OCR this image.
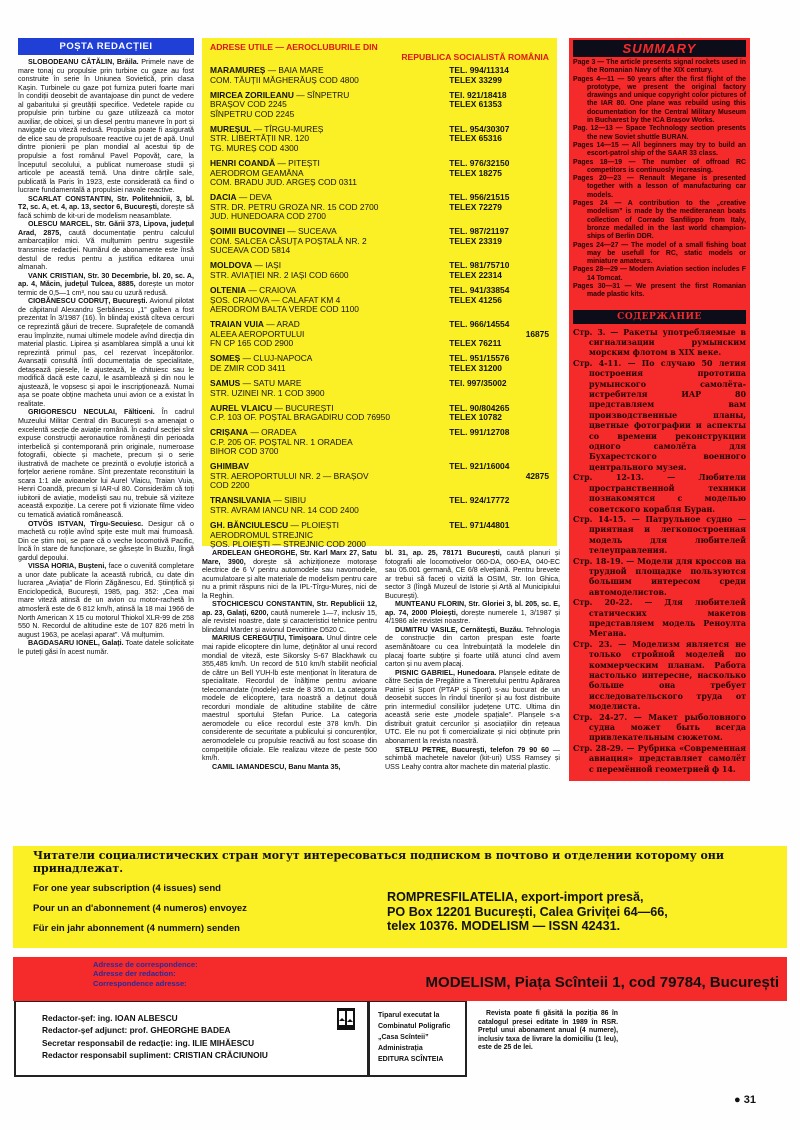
POȘTA REDACȚIEI

SLOBODEANU CĂTĂLIN, Brăila. Primele nave de mare tonaj cu propulsie prin turbine cu gaze au fost construite în serie în Uniunea Sovietică, prin clasa Kașin. Turbinele cu gaze pot furniza puteri foarte mari în condiții deosebit de avantajoase din punct de vedere al gabaritului și greutății specifice. Vedetele rapide cu propulsie prin turbine cu gaze utilizează ca motor auxiliar, de obicei, și un diesel pentru manevre în port și navigație cu viteză redusă. Propulsia poate fi asigurată de elice sau de propulsoare reactive cu jet de apă. Unul dintre pionierii pe plan mondial al acestui tip de propulsie a fost românul Pavel Popovăț, care, la începutul secolului, a publicat numeroase studii și articole pe această temă. Una dintre cărțile sale, publicată la Paris în 1923, este considerată ca fiind o lucrare fundamentală a propulsiei navale reactive.

SCARLAT CONSTANTIN, Str. Politehnicii, 3, bl. T2, sc. A, et. 4, ap. 13, sector 6, București, dorește să facă schimb de kit-uri de modelism neasamblate.

OLESCU MARCEL, Str. Gării 373, Lipova, județul Arad, 2875, caută documentație pentru calculul ambarcațiilor mici. Vă mulțumim pentru sugestiile transmise redacției. Numărul de abonamente este însă destul de redus pentru a justifica editarea unui almanah.

VANK CRISTIAN, Str. 30 Decembrie, bl. 20, sc. A, ap. 4, Măcin, județul Tulcea, 8885, dorește un motor termic de 0,5—1 cm³, nou sau cu uzură redusă.

CIOBĂNESCU CODRUȚ, București. Avionul pilotat de căpitanul Alexandru Șerbănescu „1” galben a fost prezentat în 3/1987 (16). În blindaj există cîteva cercuri ce reprezintă găuri de trecere. Suprafețele de comandă erau împînzite, numai ultimele modele avînd direcția din material plastic. Lipirea și asamblarea simplă a unui kit reprezintă primul pas, cel rezervat începătorilor. Avansații consultă întîi documentația de specialitate, detașează piesele, le ajustează, le chituiesc sau le modifică dacă este cazul, le asamblează și din nou le ajustează, le vopsesc și apoi le inscripționează. Numai așa se poate obține macheta unui avion ce a existat în realitate.

GRIGORESCU NECULAI, Fălticeni. În cadrul Muzeului Militar Central din București s-a amenajat o excelentă secție de aviație română. În cadrul secției sînt expuse construcții aeronautice românești din perioada interbelică și contemporană prin originale, numeroase fotografii, obiecte și machete, precum și o serie ilustrativă de machete ce prezintă o evoluție istorică a forțelor aeriene române. Sînt prezentate reconstituiri la scara 1:1 ale avioanelor lui Aurel Vlaicu, Traian Vuia, Henri Coandă, precum și IAR-ul 80. Considerăm că toți iubitorii de aviație, modeliști sau nu, trebuie să viziteze această expoziție. La cerere pot fi vizionate filme video cu tematică aviatică românească.

OTVÖS ISTVAN, Tîrgu-Secuiesc. Desigur că o machetă cu roțile avînd spițe este mult mai frumoasă. Din ce știm noi, se pare că o veche locomotivă Pacific, încă în stare de funcționare, se găsește în Buzău, lîngă gardul depoului.

VISSA HORIA, Bușteni, face o cuvenită completare a unor date publicate la această rubrică, cu date din lucrarea „Aviația” de Florin Zăgănescu, Ed. Științifică și Enciclopedică, București, 1985, pag. 352: „Cea mai mare viteză atinsă de un avion cu motor-rachetă în atmosferă este de 6 812 km/h, atinsă la 18 mai 1966 de North American X 15 cu motorul Thiokol XLR-99 de 258 550 N. Recordul de altitudine este de 107 826 metri în august 1963, pe același aparat”. Vă mulțumim.

BAGDASARU IONEL, Galați. Toate datele solicitate le puteți găsi în acest număr.

ADRESE UTILE — AEROCLUBURILE DIN
REPUBLICA SOCIALISTĂ ROMÂNIA
MARAMUREȘ — BAIA MARE
COM. TĂUȚII MĂGHERĂUȘ COD 4800
TEL. 994/11314
TELEX 33299
MIRCEA ZORILEANU — SÎNPETRU
BRAȘOV COD 2245
SÎNPETRU COD 2245
TEl. 921/18418
TELEX 61353
MUREȘUL — TÎRGU-MUREȘ
STR. LIBERTĂȚII NR. 120
TG. MUREȘ COD 4300
TEL. 954/30307
TELEX 65316
HENRI COANDĂ — PITEȘTI
AERODROM GEAMĂNA
COM. BRADU JUD. ARGEȘ COD 0311
TEL. 976/32150
TELEX 18275
DACIA — DEVA
STR. DR. PETRU GROZA NR. 15 COD 2700
JUD. HUNEDOARA COD 2700
TEL. 956/21515
TELEX 72279
ȘOIMII BUCOVINEI — SUCEAVA
COM. SALCEA CĂSUȚA POȘTALĂ NR. 2
SUCEAVA COD 5814
TEL. 987/21197
TELEX 23319
MOLDOVA — IAȘI
STR. AVIAȚIEI NR. 2 IAȘI COD 6600
TEL. 981/75710
TELEX 22314
OLTENIA — CRAIOVA
ȘOS. CRAIOVA — CALAFAT KM 4
AERODROM BALTA VERDE COD 1100
TEL. 941/33854
TELEX 41256
TRAIAN VUIA — ARAD
ALEEA AEROPORTULUI
FN CP 165 COD 2900
TEL. 966/14554
16875
TELEX 76211
SOMEȘ — CLUJ-NAPOCA
DE ZMIR COD 3411
TEL. 951/15576
TELEX 31200
SAMUS — SATU MARE
STR. UZINEI NR. 1 COD 3900
TEl. 997/35002
AUREL VLAICU — BUCUREȘTI
C.P. 103 OF. POȘTAL BRAGADIRU COD 76950
TEL. 90/804265
TELEX 10782
CRIȘANA — ORADEA
C.P. 205 OF. POȘTAL NR. 1 ORADEA
BIHOR COD 3700
TEL. 991/12708
GHIMBAV
STR. AEROPORTULUI NR. 2 — BRAȘOV
COD 2200
TEL. 921/16004
42875
TRANSILVANIA — SIBIU
STR. AVRAM IANCU NR. 14 COD 2400
TEL. 924/17772
GH. BĂNCIULESCU — PLOIEȘTI
AERODROMUL STREJNIC
ȘOS. PLOIEȘTI — STREJNIC COD 2000
TEL. 971/44801

ARDELEAN GHEORGHE, Str. Karl Marx 27, Satu Mare, 3900, dorește să achiziționeze motorașe electrice de 6 V pentru automodele sau navomodele, acumulatoare și alte materiale de modelism pentru care nu a primit răspuns nici de la IPL-Tîrgu-Mureș, nici de la Reghin.

STOCHICESCU CONSTANTIN, Str. Republicii 12, ap. 23, Galați, 6200, caută numerele 1—7, inclusiv 15, ale revistei noastre, date și caracteristici tehnice pentru blindatul Marder și avionul Devoittine D520 C.

MARIUS CEREGUȚIU, Timișoara. Unul dintre cele mai rapide elicoptere din lume, deținător al unui record mondial de viteză, este Sikorsky S-67 Blackhawk cu 355,485 km/h. Un record de 510 km/h stabilit neoficial de către un Bell YUH-lb este menționat în literatura de specialitate. Recordul de înălțime pentru avioane telecomandate (modele) este de 8 350 m. La categoria modele de elicoptere, țara noastră a deținut două recorduri mondiale de altitudine stabilite de către maestrul sportului Ștefan Purice. La categoria aeromodele cu elice recordul este 378 km/h. Din considerente de securitate a publicului și concurenților, aeromodelele cu propulsie reactivă au fost scoase din competițiile oficiale. Ele realizau viteze de peste 500 km/h.

CAMIL IAMANDESCU, Banu Manta 35,

bl. 31, ap. 25, 78171 București, caută planuri și fotografii ale locomotivelor 060-DA, 060-EA, 040-EC sau 05.001 germană, CE 6/8 elvețiană. Pentru brevete ar trebui să faceți o vizită la OSIM, Str. Ion Ghica, sector 3 (lîngă Muzeul de Istorie și Artă al Municipiului București).

MUNTEANU FLORIN, Str. Gloriei 3, bl. 205, sc. E, ap. 74, 2000 Ploiești, dorește numerele 1, 3/1987 și 4/1986 ale revistei noastre.

DUMITRU VASILE, Cernătești, Buzău. Tehnologia de construcție din carton prespan este foarte asemănătoare cu cea întrebuințată la modelele din placaj foarte subțire și foarte utilă atunci cînd avem carton și nu avem placaj.

PISNIC GABRIEL, Hunedoara. Planșele editate de către Secția de Pregătire a Tineretului pentru Apărarea Patriei și Sport (PTAP și Sport) s-au bucurat de un deosebit succes în rîndul tinerilor și au fost distribuite prin intermediul consiliilor județene UTC. Ultima din această serie este „modele spațiale”. Planșele s-a distribuit gratuit cercurilor și asociațiilor din rețeaua UTC. Ele nu pot fi comercializate și nici obținute prin abonament la revista noastră.

STELU PETRE, București, telefon 79 90 60 — schimbă machetele navelor (kit-uri) USS Ramsey și USS Leahy contra altor machete din material plastic.

SUMMARY
Page 3 — The article presents signal rockets used in the Romanian Navy of the XIX century.
Pages 4—11 — 50 years after the first flight of the prototype, we present the original factory drawings and unique copyright color pictures of the IAR 80. One plane was rebuild using this documentation for the Central Military Museum in Bucharest by the ICA Brașov Works.
Pag. 12—13 — Space Technology section presents the new Soviet shuttle BURAN.
Pages 14—15 — All beginners may try to build an escort-patrol ship of the SAAR 33 class.
Pages 18—19 — The number of offroad RC competitors is continuosly increasing.
Pages 20—23 — Renault Megane is presented together with a lesson of manufacturing car models.
Pages 24 — A contribution to the „creative modelism” is made by the mediteranean boats collection of Corrado Sanfilippo from Italy, bronze medalled in the last world champion-ships of Berlin DDR.
Pages 24—27 — The model of a small fishing boat may be usefull for RC, static models or miniature amateurs.
Pages 28—29 — Modern Aviation section includes F 14 Tomcat.
Pages 30—31 — We present the first Romanian made plastic kits.
СОДЕРЖАНИЕ
Стр. 3. — Ракеты употребляемые в сигнализации румынским морским флотом в XIX веке.
Стр. 4-11. — По случаю 50 летия построения прототипа румынского самолёта-истребителя ИАР 80 представляем вам производственные планы, цветные фотографии и аспекты со времени реконструкции одного самолёта для Бухарестского военного центрального музея.
Стр. 12-13. — Любители пространственной техники познакомятся с моделью советского корабля Буран.
Стр. 14-15. — Патрульное судно — приятная и легкопостроенная модель для любителей телеуправления.
Стр. 18-19. — Модели для кроссов на трудной площадке пользуются большим интересом среди автомоделистов.
Стр. 20-22. — Для любителей статических макетов представляем модель Реноулта Мегана.
Стр. 23. — Моделизм является не только стройной моделей по коммерческим планам. Работа настолько интересне, насколько больше она требует исследовательского труда от моделиста.
Стр. 24-27. — Макет рыболовного судна может быть всегда привлекательным сюжетом.
Стр. 28-29. — Рубрика «Современная авиация» представляет самолёт с перемённой геометрией ф 14.
Читатели социалистических стран могут интересоваться подписком в почтово и отделении которому они принадлежат.
For one year subscription (4 issues) send
Pour un an d'abonnement (4 numeros) envoyez
Für ein jahr abonnement (4 nummern) senden
ROMPRESFILATELIA, export-import presă,
PO Box 12201 București, Calea Griviței 64—66,
telex 10376. MODELISM — ISSN 42431.
Adresse de correspondence:
Adresse der redaction:
Correspondence adresse:	MODELISM, Piața Scînteii 1, cod 79784, București
Redactor-șef: ing. IOAN ALBESCU
Redactor-șef adjunct: prof. GHEORGHE BADEA
Secretar responsabil de redacție: ing. ILIE MIHĂESCU
Redactor responsabil supliment: CRISTIAN CRĂCIUNOIU
Tiparul executat la
Combinatul Poligrafic
„Casa Scînteii”
Administrația
EDITURA SCÎNTEIA
Revista poate fi găsită la poziția 86 în catalogul presei editate în 1989 în RSR. Prețul unui abonament anual (4 numere), inclusiv taxa de livrare la domiciliu (1 leu), este de 25 de lei.
● 31
